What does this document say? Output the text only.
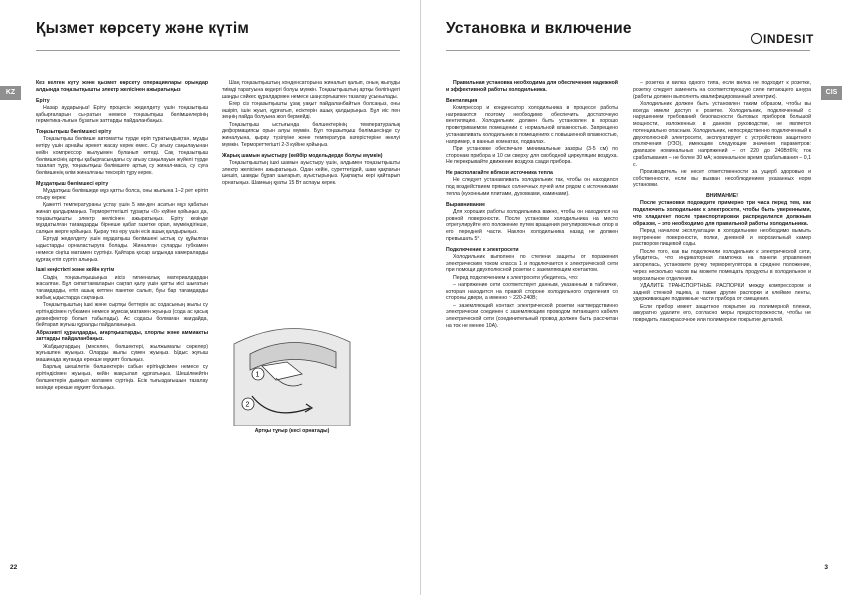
Қызмет көрсету және күтім
KZ

Кез келген күту және қызмет көрсету операциялары орындар алдында тоңазытқышты электр желісінен ажыратыңыз

Еріту

Назар аударыңыз! Еріту процесін жеделдету үшін тоңазытқыш қабырғаларын сы-ратын немесе тоңазытқыш бөлімшелерінің герметика-лығын бұзатын заттарды пайдаланбаңыз.

Тоңазытқыш бөлімшесі еріту

Тоңазытқыш бөлімше автоматты түрде еріп тұратындықтан, мұзды кетіру үшін арнайы әрекет жасау керек емес. Су ағызу саңылауынан кейін компрессор жылуымен буланып кетеді. Сақ тоңазытқыш бөлімшесінің артқы қабырғасындағы су ағызу саңылауын жүйелі түрде тазалап тұру, тоңазытқыш бөлімшеге артық су жинал-маса, су суға бөлімшенің өлім жиналғаны тексеріп тұру керек.

Мұздатқыш бөлімшесі еріту

Мұздатқыш бөлімшеде мұз қатты болса, оны жылына 1–2 рет ерітіп отыру керек:

Қажетті температураны ұстау үшін 5 мм-ден асатын мұз қабатын жинап қалдырмаңыз. Термореттегішті тұрақты «0» күйіне қойыңыз да, тоңазытқышты электр желісінен ажыратыңыз. Еріту кезінде мұздатылған тағамдарды бірнеше қабат газетке орап, мүмкіндігінше, салқын жерге қойыңыз. Қырау тез еру үшін есік ашық қалдырыңыз.

Ертуді жеделдету үшін мұздатқыш бөлімшені ыстық су құйылған ыдыстарды орналастыруға болады. Жиналған суларды губкамен немесе сіңгіш матамен сүртіңіз. Қайтара қосар алдында камераларды құрғақ етіп сүртіп алыңыз.

Ішкі кеңістікті және кейін күтім

Сіздің тоңазытқышыңыз иісіз гигиеналық материалдардан жасалған. Бұл сипаттамаларын сақтап қалу үшін қатты иісі шығатын тағамдарды, етіп ашық кетпен пакетке салып, буы бар тағамдарды жабық ыдыстарда сақтаңыз.

Тоңазытқыштың ішкі және сыртқы беттерін ас содасының жылы су ерітіндісімен губкамен немесе жұмсақ матамен жуыңыз (сода ас қасық дезинфектор болып табылады). Ас содасы болмаған жағдайда, бейтарап жуғыш құралды пайдаланыңыз.

Абразивті құралдарды, ағартқыштарды, хлорлы және аммиакты заттарды пайдаланбаңыз.

Жабдықтардың (мәселен, бөлшектері, жылжымалы сөрелер) жуғышпен жуыңыз. Оларды жылы сумен жуыңыз. Ыдыс жуғыш машинада жуғанда ерекше мұқият болыңыз.

Барлық шешілетін бөлшектерін сабын ерітіндісімен немесе су ерітіндісімен жуыңыз, кейін жақсылап құрғатыңыз. Шешілмейтін бөлшектерін дымқыл матамен сүртіңіз. Есік тығыздағышын тазалау кезінде ерекше мұқият болыңыз.

Шаң тоңазытқыштың конденсаторына жиналып қалып, оның жылуды тиімді таратуына кедергі болуы мүмкін. Тоңазытқыштың артқы бөлігіндегі шаңды сәйкес құралдармен немесе шаңсорғышпен тазалау ұсынылады.

Егер сіз тоңазытқышты ұзақ уақыт пайдаланбайтын болсаңыз, оны өшіріп, ішін жуып, құрғатып, есіктерін ашық қалдырыңыз. Бұл иіс пен зеңнің пайда болуына жол бермейді.

Тоңазытқыш ыстығында бөлшектерінің температуралық деформациясы орын алуы мүмкін. Бұл тоңазытқыш бөлімшесінде су жиналуына, қырау түзілуіне және температура өзгерістеріне әкелуі мүмкін. Термореттегішті 2-3 күйіне қойыңыз.

Жарық шамын ауыстыру (кейбір модельдерде болуы мүмкін)

Тоңазытқыштың ішкі шамын ауыстыру үшін, алдымен тоңазытқышты электр желісінен ажыратыңыз. Одан кейін, суреттегідей, шам қақпағын шешіп, шамды бұрап шығарып, ауыстырыңыз. Қақпақты кері қайтарып орнатыңыз. Шамның қуаты 15 Вт аспауы керек.

1
2
Артқы тұғыр (кесі орнатады)
22
Установка и включение
INDESIT
CIS

Правильная установка необходима для обеспечения надежной и эффективной работы холодильника.

Вентиляция

Компрессор и конденсатор холодильника в процессе работы нагреваются поэтому необходимо обеспечить достаточную вентиляцию. Холодильник должен быть установлен в хорошо проветриваемом помещении с нормальной влажностью. Запрещено устанавливать холодильник в помещениях с повышенной влажностью, например, в ванных комнатах, подвалах.

При установке обеспечьте минимальные зазоры (3-5 см) по сторонам прибора и 10 см сверху для свободной циркуляции воздуха. Не перекрывайте движение воздуха сзади прибора.

Не располагайте вблизи источника тепла

Не следует устанавливать холодильник так, чтобы он находился под воздействием прямых солнечных лучей или рядом с источниками тепла (кухонными плитами, духовками, каминами).

Выравнивание

Для хороших работы холодильника важно, чтобы он находился на ровной поверхности. После установки холодильника на место отрегулируйте его положение путем вращения регулировочных опор в его передней части. Наклон холодильника назад не должен превышать 5°.

Подключение к электросети

Холодильник выполнен по степени защиты от поражения электрическим током класса 1 и подключается к электрической сети при помощи двухполюсной розетки с заземляющим контактом.

Перед подключением к электросети убедитесь, что:

– напряжение сети соответствует данным, указанным в табличке, которая находится на правой стороне холодильного отделения со стороны двери, а именно ~ 220-240В;

– заземляющий контакт электрической розетки нагтвердствинно электрически соединен с заземляющим проводом питающего кабеля электрической сети (соединительный провод должен быть рассчитан на ток не менее 10А).

– розетка и вилка одного типа, если вилка не подходит к розетке, розетку следует заменить на соответствующую силе питающего шнура (работы должен выполнять квалифицированный электрик).

Холодильник должен быть установлен таким образом, чтобы вы всегда имели доступ к розетке. Холодильник, подключенный с нарушением требований безопасности бытовых приборов большой мощности, изложенных в данном руководстве, не является потенциально опасным. Холодильник, непосредственно подключенный к двухполюсной электросети, эксплуатирует с устройством защитного отключения (УЗО), имеющим следующие значения параметров: диапазон номинальных напряжений – от 220 до 240В±6%; ток срабатывания – не более 30 мА; номинальное время срабатывания – 0,1 с.

Производитель не несет ответственности за ущерб здоровью и собственности, если вы вызван несоблюдением указанных норм установки.

ВНИМАНИЕ!

После установки подождите примерно три часа перед тем, как подключить холодильник к электросети, чтобы быть уверенными, что хладагент после транспортировки распределился должным образом, – это необходимо для правильной работы холодильника.

Перед началом эксплуатации в холодильнике необходимо вымыть внутренние поверхности, полки, дневной и морозильный камер раствором пищевой соды.

После того, как вы подключили холодильник к электрической сети, убедитесь, что индикаторная лампочка на панели управления загорелась, установите ручку терморегулятора в среднее положение, через несколько часов вы можете помещать продукты в холодильное и морозильное отделения.

УДАЛИТЕ ТРАНСПОРТНЫЕ РАСПОРКИ между компрессором и задней стенкой ящика, а также другие распорки и клейкие ленты, удерживающие подвижные части прибора от смещения.

Если прибор имеет защитное покрытие из полимерной пленки, аккуратно удалите его, согласно меры предосторожности, чтобы не повредить лакокрасочное или полимерное покрытие деталей.

3
